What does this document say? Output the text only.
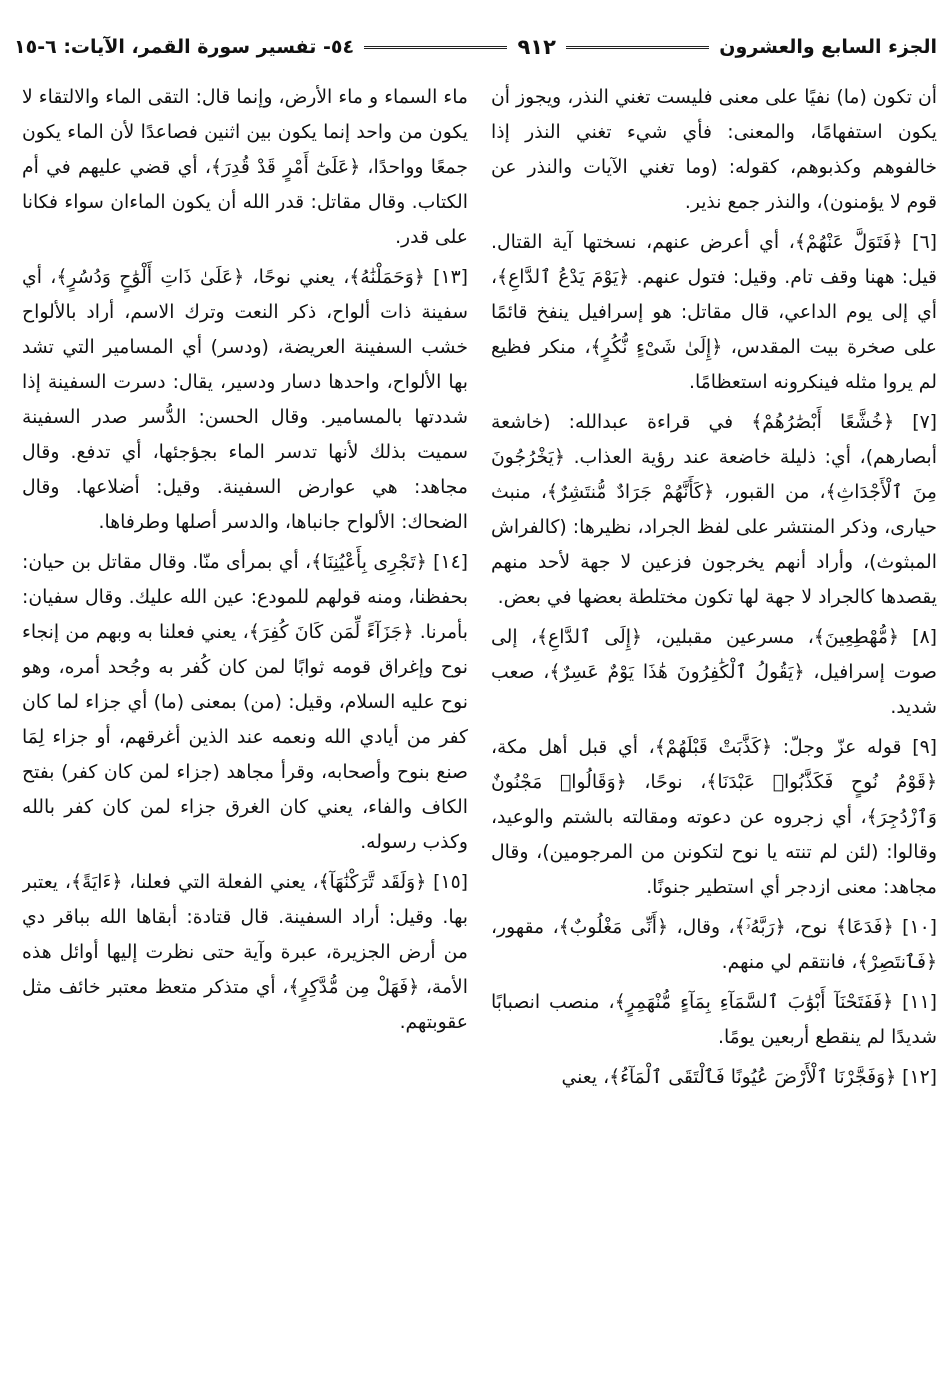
الجزء السابع والعشرون
٩١٢
٥٤- تفسير سورة القمر، الآيات: ٦-١٥

أن تكون (ما) نفيًا على معنى فليست تغني النذر، ويجوز أن يكون استفهامًا، والمعنى: فأي شيء تغني النذر إذا خالفوهم وكذبوهم، كقوله: (وما تغني الآيات والنذر عن قوم لا يؤمنون)، والنذر جمع نذير.

[٦] ﴿فَتَوَلَّ عَنْهُمْ﴾، أي أعرض عنهم، نسختها آية القتال. قيل: ههنا وقف تام. وقيل: فتول عنهم. ﴿يَوْمَ يَدْعُ ٱلدَّاعِ﴾، أي إلى يوم الداعي، قال مقاتل: هو إسرافيل ينفخ قائمًا على صخرة بيت المقدس، ﴿إِلَىٰ شَىْءٍ نُّكُرٍ﴾، منكر فظيع لم يروا مثله فينكرونه استعظامًا.

[٧] ﴿خُشَّعًا أَبْصَٰرُهُمْ﴾ في قراءة عبدالله: (خاشعة أبصارهم)، أي: ذليلة خاضعة عند رؤية العذاب. ﴿يَخْرُجُونَ مِنَ ٱلْأَجْدَاثِ﴾، من القبور، ﴿كَأَنَّهُمْ جَرَادٌ مُّنتَشِرٌ﴾، منبث حيارى، وذكر المنتشر على لفظ الجراد، نظيرها: (كالفراش المبثوث)، وأراد أنهم يخرجون فزعين لا جهة لأحد منهم يقصدها كالجراد لا جهة لها تكون مختلطة بعضها في بعض.

[٨] ﴿مُّهْطِعِينَ﴾، مسرعين مقبلين، ﴿إِلَى ٱلدَّاعِ﴾، إلى صوت إسرافيل، ﴿يَقُولُ ٱلْكَٰفِرُونَ هَٰذَا يَوْمٌ عَسِرٌ﴾، صعب شديد.

[٩] قوله عزّ وجلّ: ﴿كَذَّبَتْ قَبْلَهُمْ﴾، أي قبل أهل مكة، ﴿قَوْمُ نُوحٍ فَكَذَّبُوا۟ عَبْدَنَا﴾، نوحًا، ﴿وَقَالُوا۟ مَجْنُونٌ وَٱزْدُجِرَ﴾، أي زجروه عن دعوته ومقالته بالشتم والوعيد، وقالوا: (لئن لم تنته يا نوح لتكونن من المرجومين)، وقال مجاهد: معنى ازدجر أي استطير جنونًا.

[١٠] ﴿فَدَعَا﴾ نوح، ﴿رَبَّهُۥٓ﴾، وقال، ﴿أَنِّى مَغْلُوبٌ﴾، مقهور، ﴿فَٱنتَصِرْ﴾، فانتقم لي منهم.

[١١] ﴿فَفَتَحْنَآ أَبْوَٰبَ ٱلسَّمَآءِ بِمَآءٍ مُّنْهَمِرٍ﴾، منصب انصبابًا شديدًا لم ينقطع أربعين يومًا.

[١٢] ﴿وَفَجَّرْنَا ٱلْأَرْضَ عُيُونًا فَٱلْتَقَى ٱلْمَآءُ﴾، يعني

ماء السماء و ماء الأرض، وإنما قال: التقى الماء والالتقاء لا يكون من واحد إنما يكون بين اثنين فصاعدًا لأن الماء يكون جمعًا وواحدًا، ﴿عَلَىٰٓ أَمْرٍ قَدْ قُدِرَ﴾، أي قضي عليهم في أم الكتاب. وقال مقاتل: قدر الله أن يكون الماءان سواء فكانا على قدر.

[١٣] ﴿وَحَمَلْنَٰهُ﴾، يعني نوحًا، ﴿عَلَىٰ ذَاتِ أَلْوَٰحٍ وَدُسُرٍ﴾، أي سفينة ذات ألواح، ذكر النعت وترك الاسم، أراد بالألواح خشب السفينة العريضة، (ودسر) أي المسامير التي تشد بها الألواح، واحدها دسار ودسير، يقال: دسرت السفينة إذا شددتها بالمسامير. وقال الحسن: الدُّسر صدر السفينة سميت بذلك لأنها تدسر الماء بجؤجئها، أي تدفع. وقال مجاهد: هي عوارض السفينة. وقيل: أضلاعها. وقال الضحاك: الألواح جانباها، والدسر أصلها وطرفاها.

[١٤] ﴿تَجْرِى بِأَعْيُنِنَا﴾، أي بمرأى منّا. وقال مقاتل بن حيان: بحفظنا، ومنه قولهم للمودع: عين الله عليك. وقال سفيان: بأمرنا. ﴿جَزَآءً لِّمَن كَانَ كُفِرَ﴾، يعني فعلنا به وبهم من إنجاء نوح وإغراق قومه ثوابًا لمن كان كُفر به وجُحد أمره، وهو نوح عليه السلام، وقيل: (من) بمعنى (ما) أي جزاء لما كان كفر من أيادي الله ونعمه عند الذين أغرقهم، أو جزاء لِمَا صنع بنوح وأصحابه، وقرأ مجاهد (جزاء لمن كان كفر) بفتح الكاف والفاء، يعني كان الغرق جزاء لمن كان كفر بالله وكذب رسوله.

[١٥] ﴿وَلَقَد تَّرَكْنَٰهَآ﴾، يعني الفعلة التي فعلنا، ﴿ءَايَةً﴾، يعتبر بها. وقيل: أراد السفينة. قال قتادة: أبقاها الله بباقر دي من أرض الجزيرة، عبرة وآية حتى نظرت إليها أوائل هذه الأمة، ﴿فَهَلْ مِن مُّدَّكِرٍ﴾، أي متذكر متعظ معتبر خائف مثل عقوبتهم.
